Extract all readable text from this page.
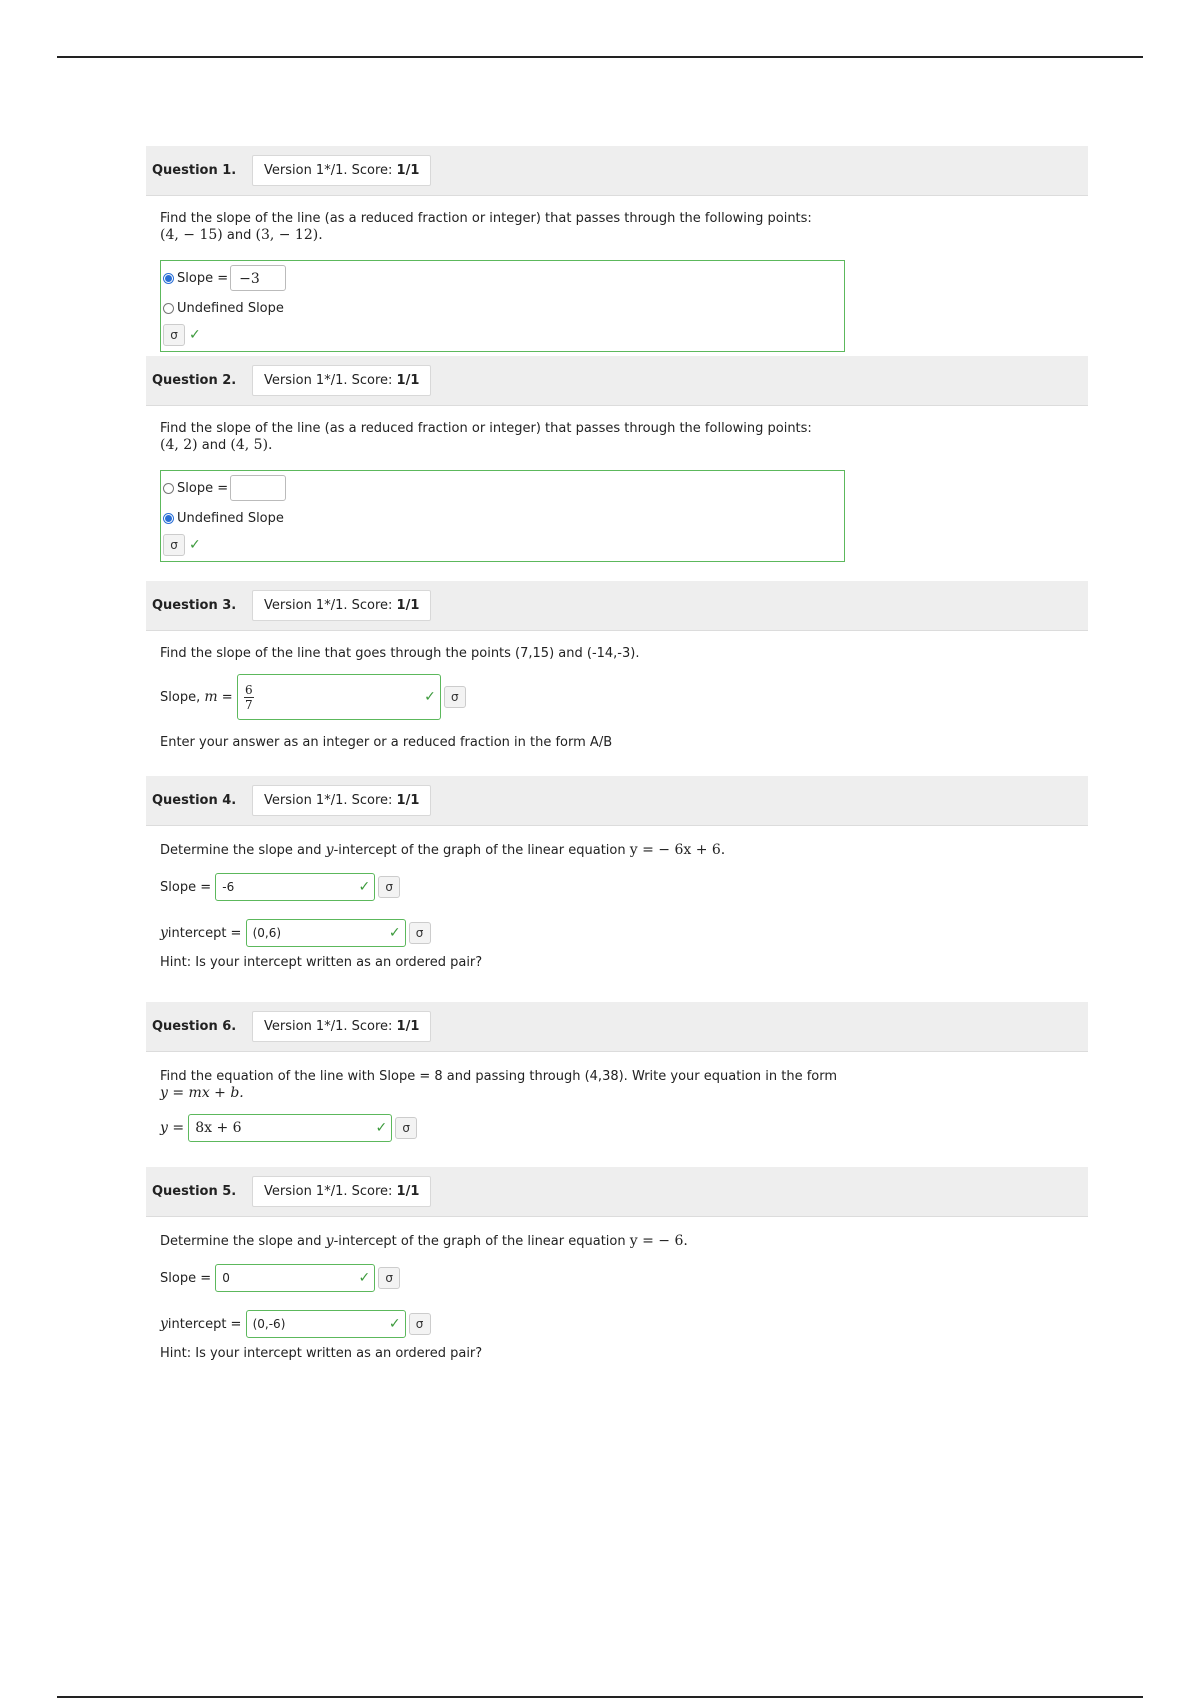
Question 1.	Version 1*/1. Score: 1/1
Find the slope of the line (as a reduced fraction or integer) that passes through the following points:
(4, − 15) and (3, − 12).
Slope = −3
Undefined Slope
σ ✓
Question 2.	Version 1*/1. Score: 1/1
Find the slope of the line (as a reduced fraction or integer) that passes through the following points:
(4, 2) and (4, 5).
Slope =
Undefined Slope
σ ✓
Question 3.	Version 1*/1. Score: 1/1
Find the slope of the line that goes through the points (7,15) and (-14,-3).
Slope,
m
=
$\frac{6}{7}$	✓	σ
Enter your answer as an integer or a reduced fraction in the form A/B
Question 4.	Version 1*/1. Score: 1/1
Determine the slope and y-intercept of the graph of the linear equation y = − 6x + 6.
Slope =
-6	✓	σ
y intercept =
(0,6)	✓	σ
Hint: Is your intercept written as an ordered pair?
Question 6.	Version 1*/1. Score: 1/1
Find the equation of the line with Slope = 8 and passing through (4,38). Write your equation in the form
y = mx + b.
y =
8x + 6	✓	σ
Question 5.	Version 1*/1. Score: 1/1
Determine the slope and y-intercept of the graph of the linear equation y = − 6.
Slope =
0	✓	σ
y intercept =
(0,-6)	✓	σ
Hint: Is your intercept written as an ordered pair?
